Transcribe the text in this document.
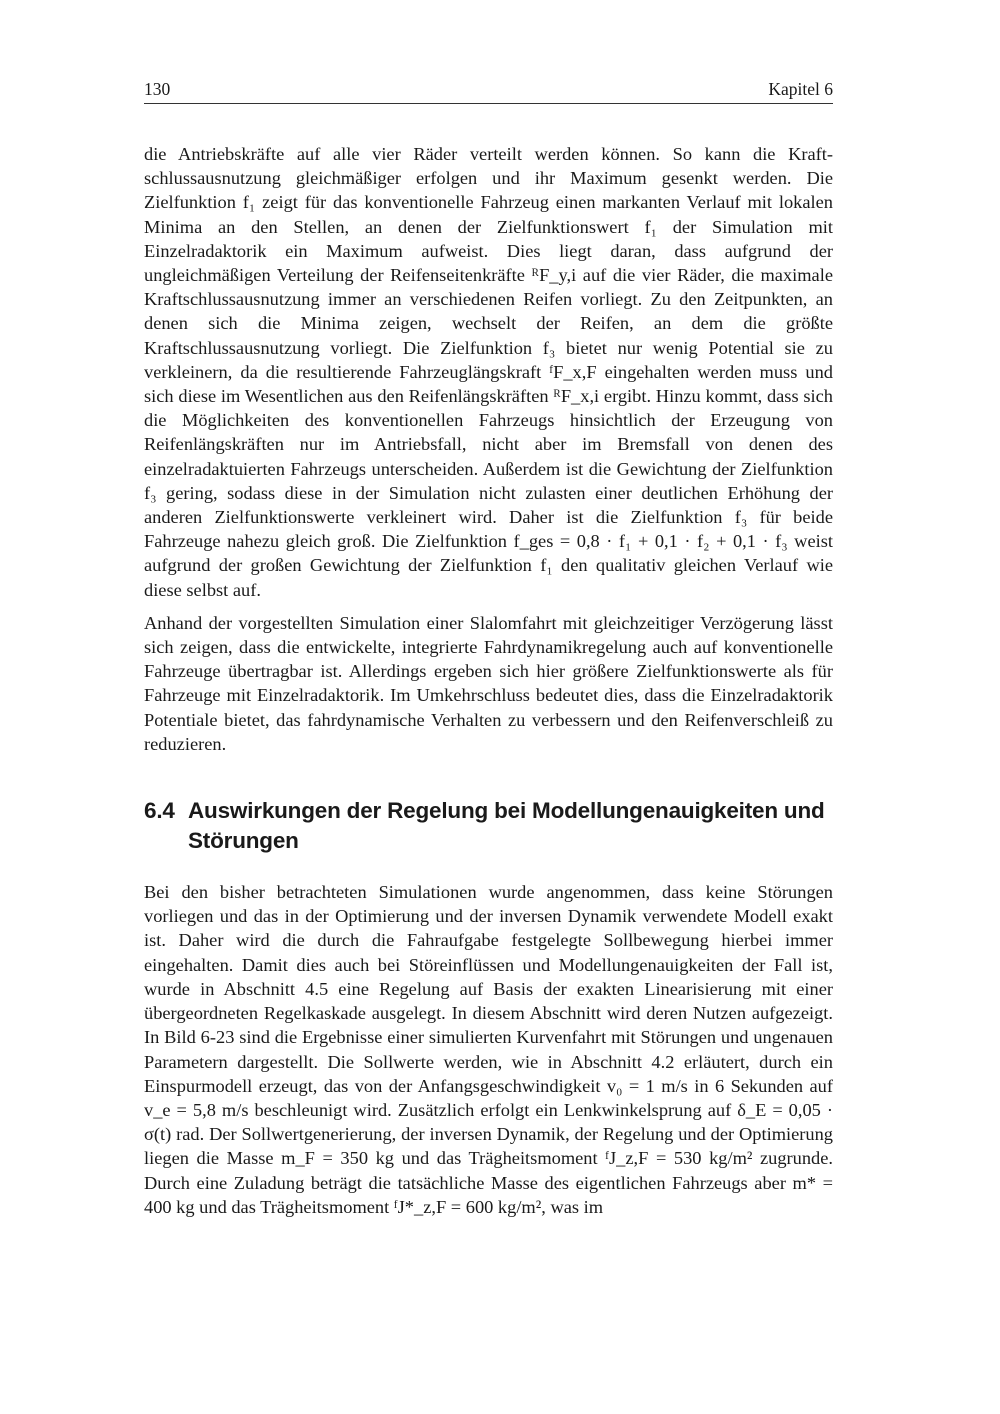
130	Kapitel 6

die Antriebskräfte auf alle vier Räder verteilt werden können. So kann die Kraftschlussausnutzung gleichmäßiger erfolgen und ihr Maximum gesenkt werden. Die Zielfunktion f₁ zeigt für das konventionelle Fahrzeug einen markanten Verlauf mit lokalen Minima an den Stellen, an denen der Zielfunktionswert f₁ der Simulation mit Einzelradaktorik ein Maximum aufweist. Dies liegt daran, dass aufgrund der ungleichmäßigen Verteilung der Reifenseitenkräfte ᴿF_y,i auf die vier Räder, die maximale Kraftschlussausnutzung immer an verschiedenen Reifen vorliegt. Zu den Zeitpunkten, an denen sich die Minima zeigen, wechselt der Reifen, an dem die größte Kraftschlussausnutzung vorliegt. Die Zielfunktion f₃ bietet nur wenig Potential sie zu verkleinern, da die resultierende Fahrzeuglängskraft ᶠF_x,F eingehalten werden muss und sich diese im Wesentlichen aus den Reifenlängskräften ᴿF_x,i ergibt. Hinzu kommt, dass sich die Möglichkeiten des konventionellen Fahrzeugs hinsichtlich der Erzeugung von Reifenlängskräften nur im Antriebsfall, nicht aber im Bremsfall von denen des einzelradaktuierten Fahrzeugs unterscheiden. Außerdem ist die Gewichtung der Zielfunktion f₃ gering, sodass diese in der Simulation nicht zulasten einer deutlichen Erhöhung der anderen Zielfunktionswerte verkleinert wird. Daher ist die Zielfunktion f₃ für beide Fahrzeuge nahezu gleich groß. Die Zielfunktion f_ges = 0,8 · f₁ + 0,1 · f₂ + 0,1 · f₃ weist aufgrund der großen Gewichtung der Zielfunktion f₁ den qualitativ gleichen Verlauf wie diese selbst auf.

Anhand der vorgestellten Simulation einer Slalomfahrt mit gleichzeitiger Verzögerung lässt sich zeigen, dass die entwickelte, integrierte Fahrdynamikregelung auch auf konventionelle Fahrzeuge übertragbar ist. Allerdings ergeben sich hier größere Zielfunktionswerte als für Fahrzeuge mit Einzelradaktorik. Im Umkehrschluss bedeutet dies, dass die Einzelradaktorik Potentiale bietet, das fahrdynamische Verhalten zu verbessern und den Reifenverschleiß zu reduzieren.

6.4 Auswirkungen der Regelung bei Modellungenauigkeiten und Störungen

Bei den bisher betrachteten Simulationen wurde angenommen, dass keine Störungen vorliegen und das in der Optimierung und der inversen Dynamik verwendete Modell exakt ist. Daher wird die durch die Fahraufgabe festgelegte Sollbewegung hierbei immer eingehalten. Damit dies auch bei Störeinflüssen und Modellungenauigkeiten der Fall ist, wurde in Abschnitt 4.5 eine Regelung auf Basis der exakten Linearisierung mit einer übergeordneten Regelkaskade ausgelegt. In diesem Abschnitt wird deren Nutzen aufgezeigt. In Bild 6-23 sind die Ergebnisse einer simulierten Kurvenfahrt mit Störungen und ungenauen Parametern dargestellt. Die Sollwerte werden, wie in Abschnitt 4.2 erläutert, durch ein Einspurmodell erzeugt, das von der Anfangsgeschwindigkeit v₀ = 1 m/s in 6 Sekunden auf v_e = 5,8 m/s beschleunigt wird. Zusätzlich erfolgt ein Lenkwinkelsprung auf δ_E = 0,05 · σ(t) rad. Der Sollwertgenerierung, der inversen Dynamik, der Regelung und der Optimierung liegen die Masse m_F = 350 kg und das Trägheitsmoment ᶠJ_z,F = 530 kg/m² zugrunde. Durch eine Zuladung beträgt die tatsächliche Masse des eigentlichen Fahrzeugs aber m* = 400 kg und das Trägheitsmoment ᶠJ*_z,F = 600 kg/m², was im
